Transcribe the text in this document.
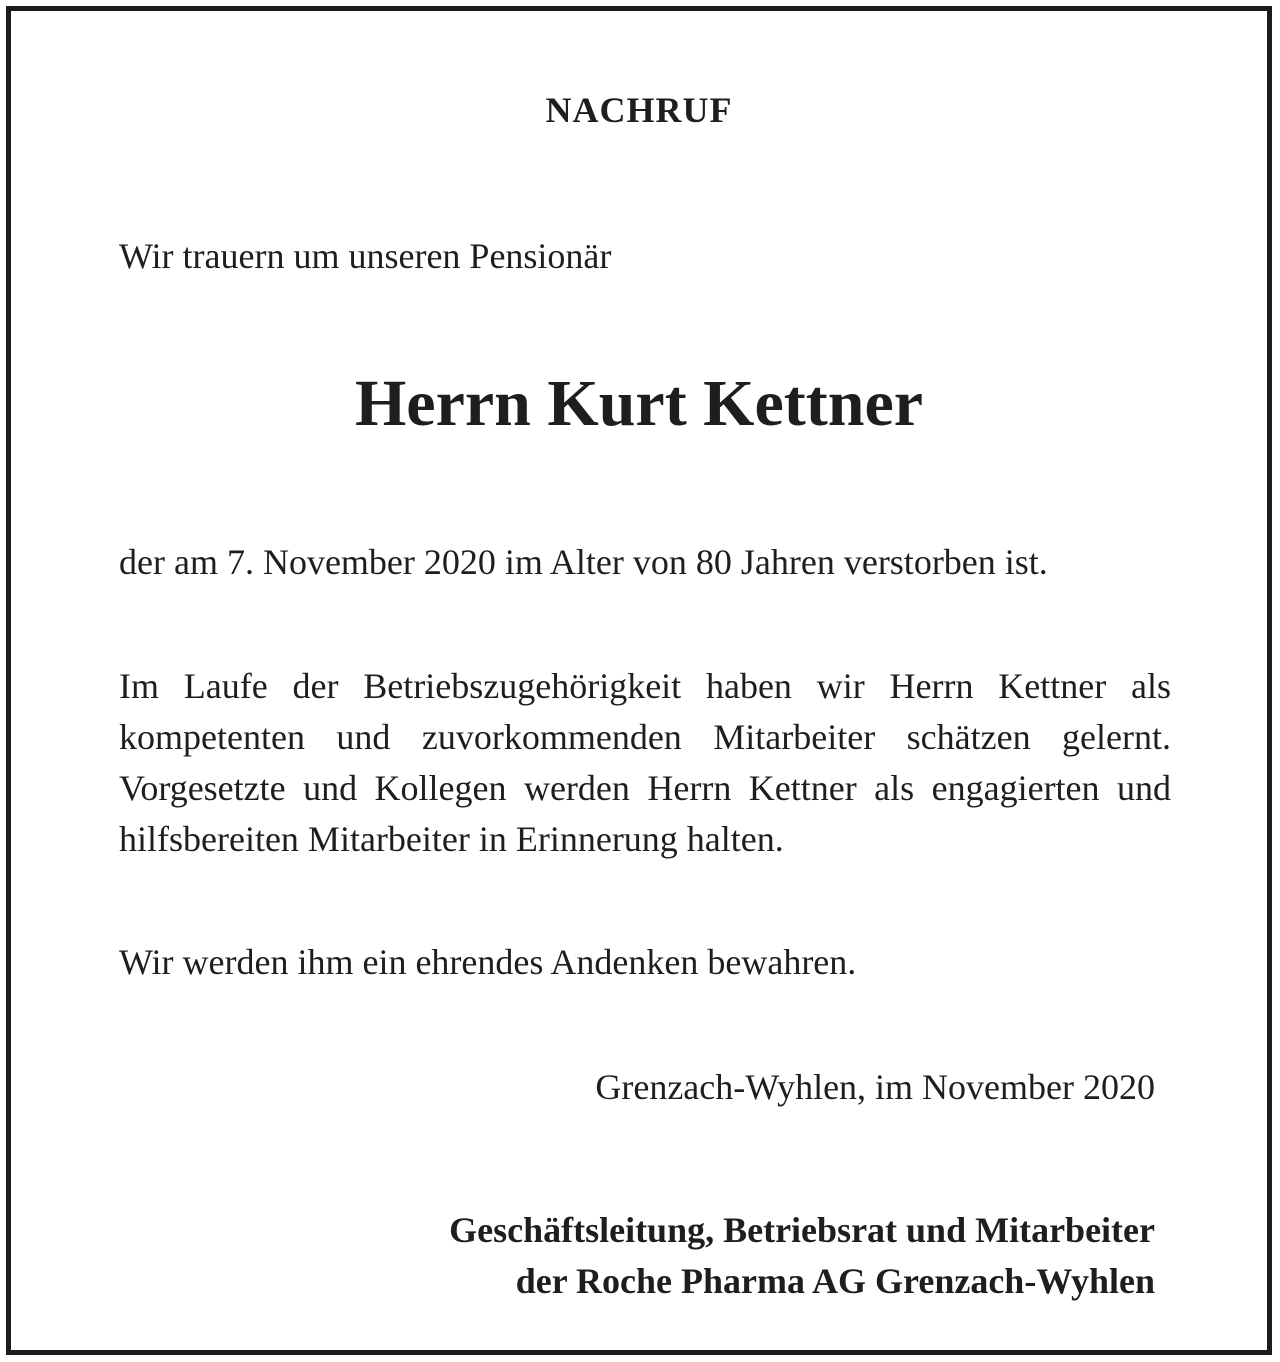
NACHRUF
Wir trauern um unseren Pensionär
Herrn Kurt Kettner
der am 7. November 2020 im Alter von 80 Jahren verstorben ist.
Im Laufe der Betriebszugehörigkeit haben wir Herrn Kettner als
kompetenten und zuvorkommenden Mitarbeiter schätzen gelernt.
Vorgesetzte und Kollegen werden Herrn Kettner als engagierten und
hilfsbereiten Mitarbeiter in Erinnerung halten.
Wir werden ihm ein ehrendes Andenken bewahren.
Grenzach-Wyhlen, im November 2020
Geschäftsleitung, Betriebsrat und Mitarbeiter
der Roche Pharma AG Grenzach-Wyhlen
